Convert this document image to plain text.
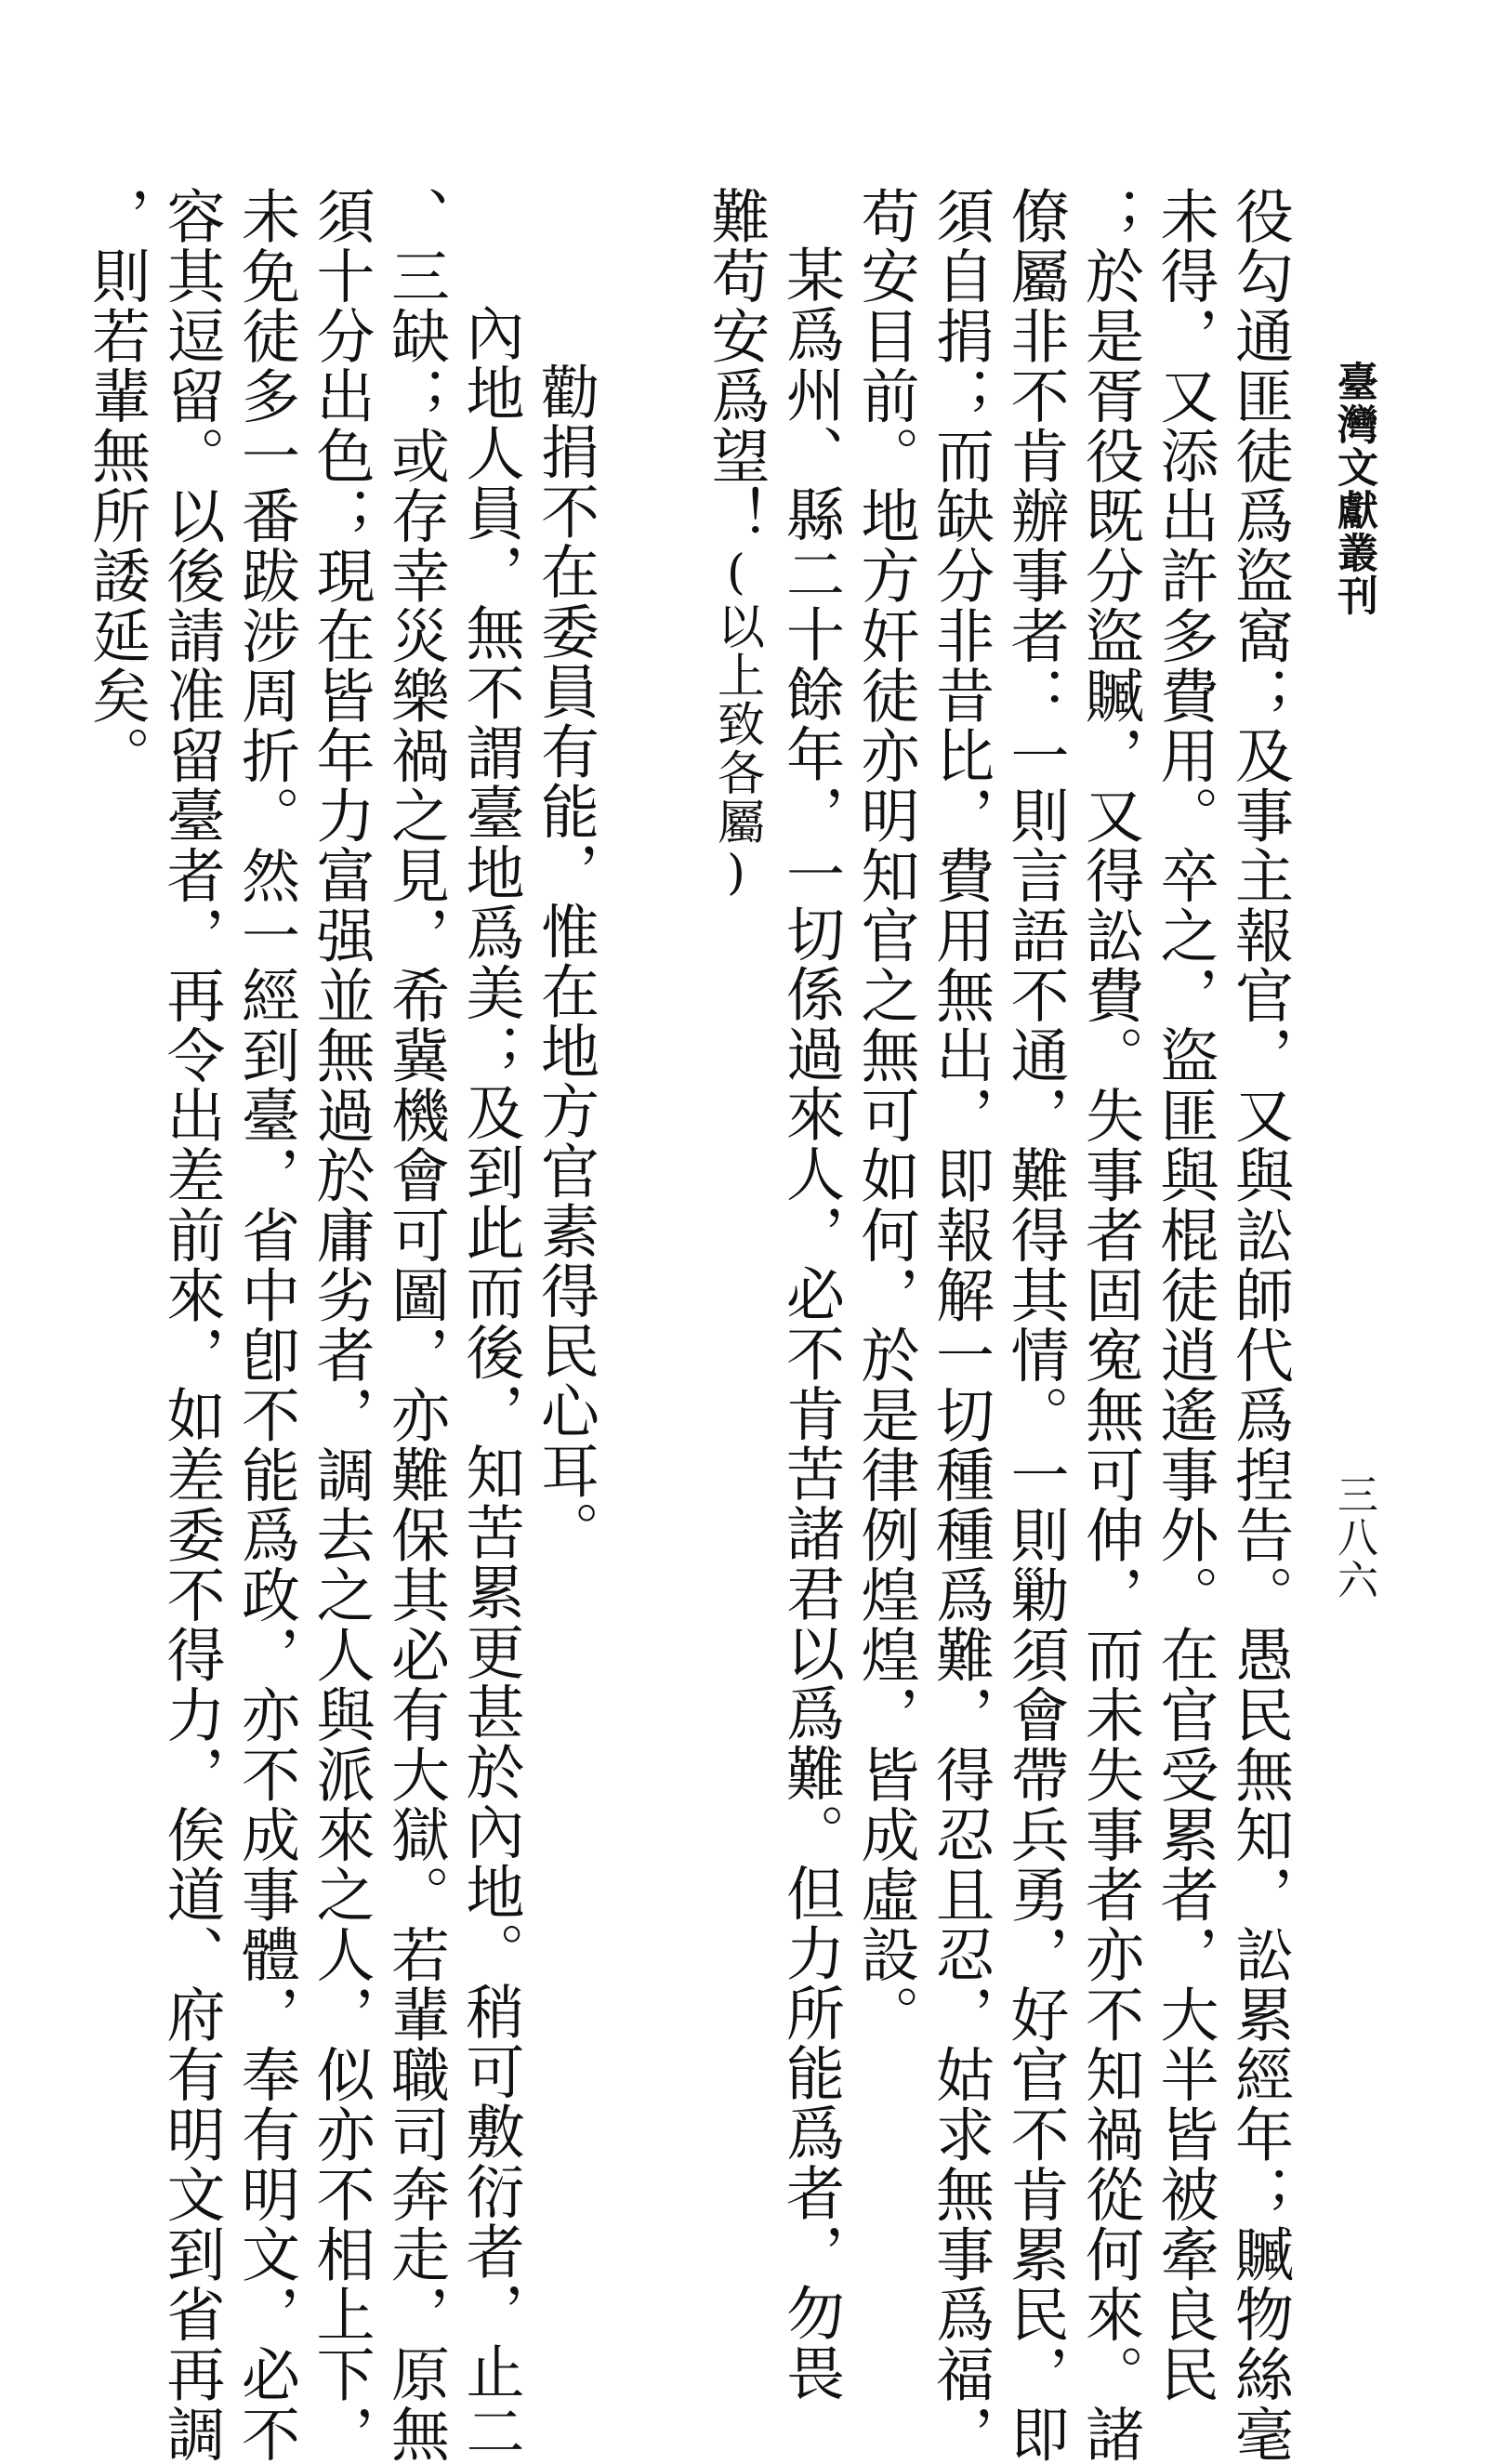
臺灣文獻叢刊
三八六
役勾通匪徒爲盜窩；及事主報官，又與訟師代爲揑告。愚民無知，訟累經年；贓物絲毫
未得，又添出許多費用。卒之，盜匪與棍徒逍遙事外。在官受累者，大半皆被牽良民
；於是胥役既分盜贓，又得訟費。失事者固寃無可伸，而未失事者亦不知禍從何來。諸
僚屬非不肯辦事者：一則言語不通，難得其情。一則勦須會帶兵勇，好官不肯累民，即
須自捐；而缺分非昔比，費用無出，即報解一切種種爲難，得忍且忍，姑求無事爲福，
苟安目前。地方奸徒亦明知官之無可如何，於是律例煌煌，皆成虛設。
某爲州、縣二十餘年，一切係過來人，必不肯苦諸君以爲難。但力所能爲者，勿畏
難苟安爲望！(以上致各屬)
勸捐不在委員有能，惟在地方官素得民心耳。
內地人員，無不謂臺地爲美；及到此而後，知苦累更甚於內地。稍可敷衍者，止二
、三缺；或存幸災樂禍之見，希冀機會可圖，亦難保其必有大獄。若輩職司奔走，原無
須十分出色；現在皆年力富强並無過於庸劣者，調去之人與派來之人，似亦不相上下，
未免徒多一番跋涉周折。然一經到臺，省中卽不能爲政，亦不成事體，奉有明文，必不
容其逗留。以後請准留臺者，再令出差前來，如差委不得力，俟道、府有明文到省再調
，則若輩無所諉延矣。
